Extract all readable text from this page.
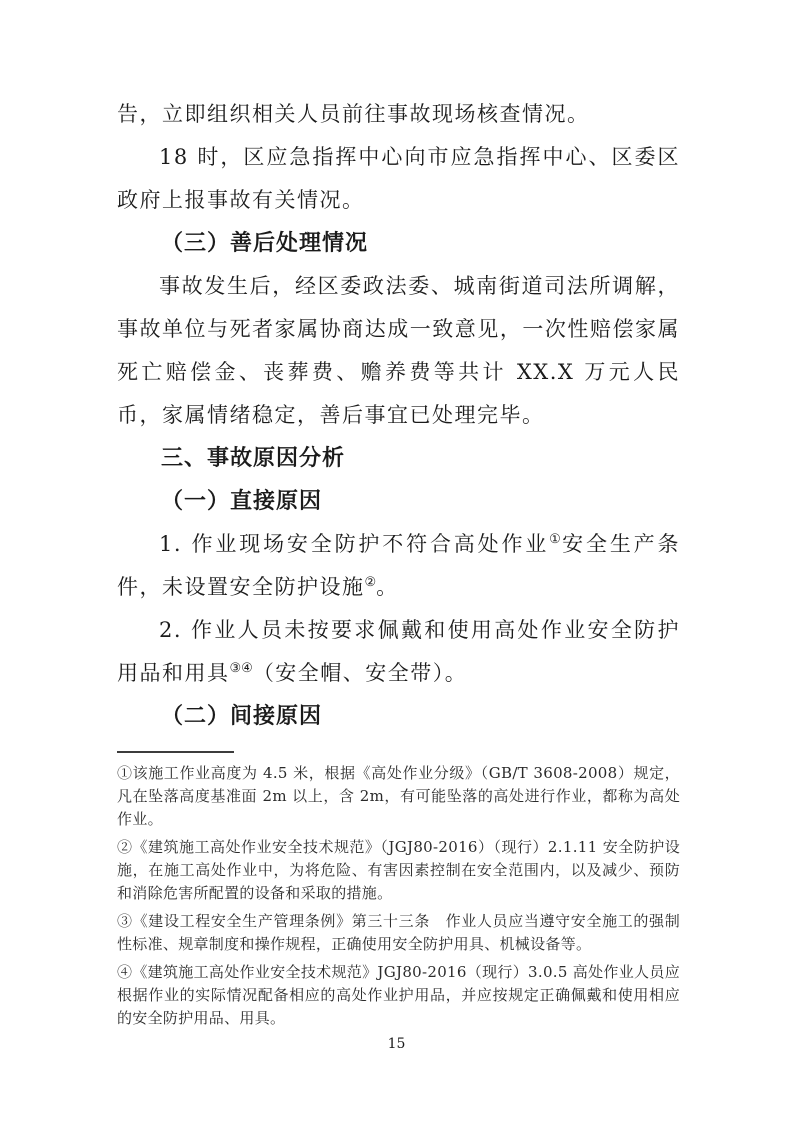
告，立即组织相关人员前往事故现场核查情况。

18 时，区应急指挥中心向市应急指挥中心、区委区政府上报事故有关情况。

（三）善后处理情况

事故发生后，经区委政法委、城南街道司法所调解，事故单位与死者家属协商达成一致意见，一次性赔偿家属死亡赔偿金、丧葬费、赡养费等共计 XX.X 万元人民币，家属情绪稳定，善后事宜已处理完毕。

三、事故原因分析

（一）直接原因

1. 作业现场安全防护不符合高处作业①安全生产条件，未设置安全防护设施②。

2. 作业人员未按要求佩戴和使用高处作业安全防护用品和用具③④（安全帽、安全带）。

（二）间接原因

①该施工作业高度为 4.5 米，根据《高处作业分级》（GB/T 3608-2008）规定，凡在坠落高度基准面 2m 以上，含 2m，有可能坠落的高处进行作业，都称为高处作业。

②《建筑施工高处作业安全技术规范》（JGJ80-2016）（现行）2.1.11 安全防护设施，在施工高处作业中，为将危险、有害因素控制在安全范围内，以及减少、预防和消除危害所配置的设备和采取的措施。

③《建设工程安全生产管理条例》第三十三条　作业人员应当遵守安全施工的强制性标准、规章制度和操作规程，正确使用安全防护用具、机械设备等。

④《建筑施工高处作业安全技术规范》JGJ80-2016（现行）3.0.5 高处作业人员应根据作业的实际情况配备相应的高处作业护用品，并应按规定正确佩戴和使用相应的安全防护用品、用具。

15
